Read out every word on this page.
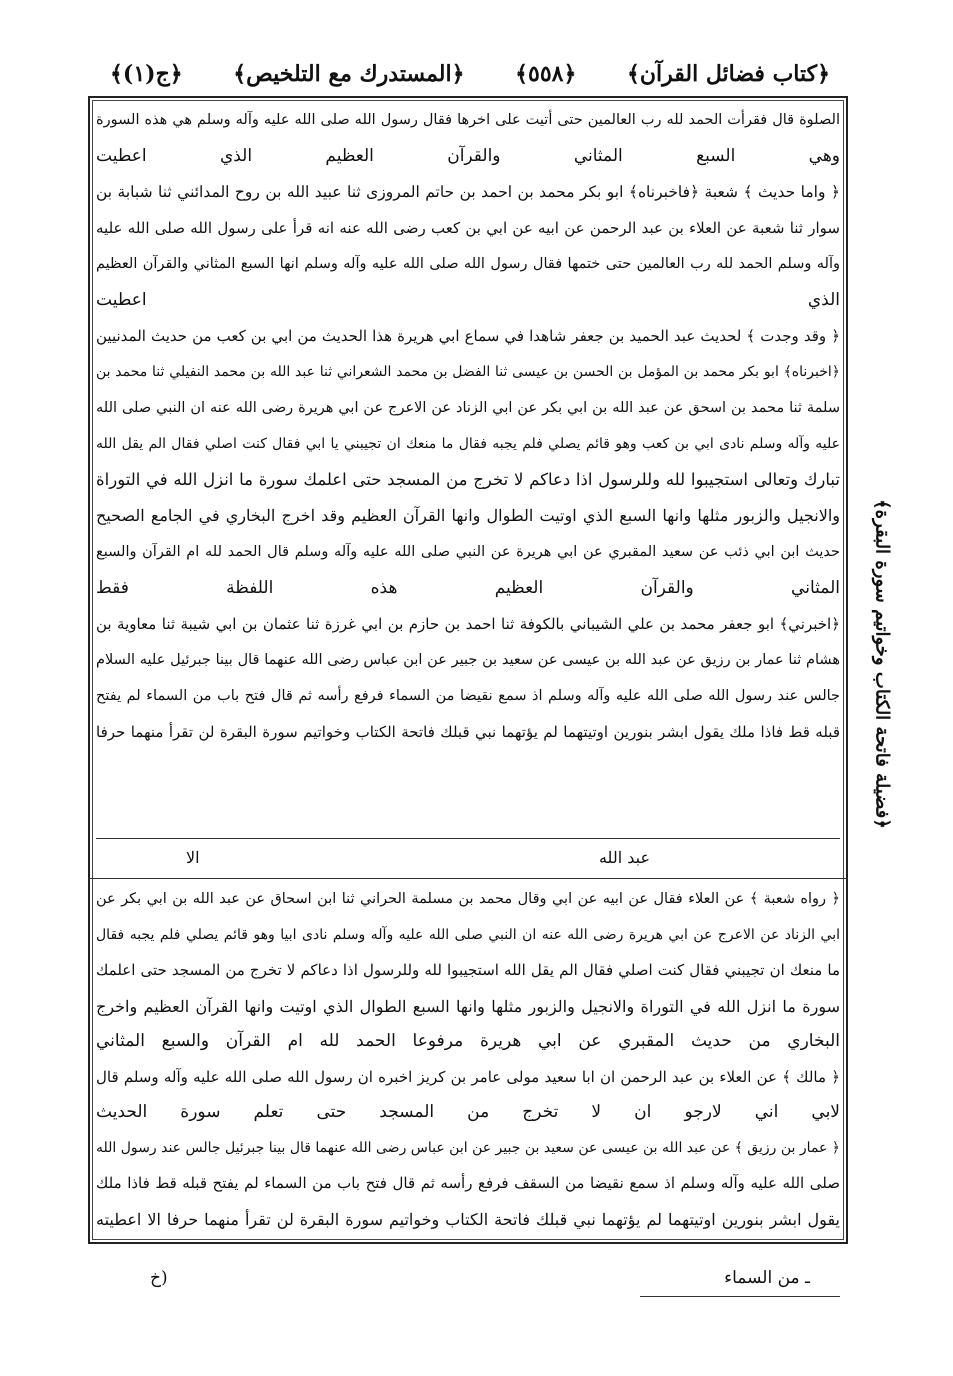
﴿ج(١)﴾ ﴿المستدرك مع التلخيص﴾ ﴿٥٥٨﴾ ﴿كتاب فضائل القرآن﴾
الصلوة قال فقرأت الحمد لله رب العالمين حتى أتيت على اخرها فقال رسول الله صلى الله عليه وآله وسلم هي هذه السورة
وهي السبع المثاني والقرآن العظيم الذي اعطيت
﴿ واما حديث ﴾ شعبة ﴿فاخبرناه﴾ ابو بكر محمد بن احمد بن حاتم المروزى ثنا عبيد الله بن روح المدائني ثنا شبابة بن
سوار ثنا شعبة عن العلاء بن عبد الرحمن عن ابيه عن ابي بن كعب رضى الله عنه انه قرأ على رسول الله صلى الله عليه
وآله وسلم الحمد لله رب العالمين حتى ختمها فقال رسول الله صلى الله عليه وآله وسلم انها السبع المثاني والقرآن العظيم
الذي اعطيت
﴿ وقد وجدت ﴾ لحديث عبد الحميد بن جعفر شاهدا في سماع ابي هريرة هذا الحديث من ابي بن كعب من حديث المدنيين
﴿اخبرناه﴾ ابو بكر محمد بن المؤمل بن الحسن بن عيسى ثنا الفضل بن محمد الشعراني ثنا عبد الله بن محمد النفيلي ثنا محمد بن
سلمة ثنا محمد بن اسحق عن عبد الله بن ابي بكر عن ابي الزناد عن الاعرج عن ابي هريرة رضى الله عنه ان النبي صلى الله
عليه وآله وسلم نادى ابي بن كعب وهو قائم يصلي فلم يجبه فقال ما منعك ان تجيبني يا ابي فقال كنت اصلي فقال الم يقل الله
تبارك وتعالى استجيبوا لله وللرسول اذا دعاكم لا تخرج من المسجد حتى اعلمك سورة ما انزل الله في التوراة
والانجيل والزبور مثلها وانها السبع الذي اوتيت الطوال وانها القرآن العظيم وقد اخرج البخاري في الجامع الصحيح
حديث ابن ابي ذئب عن سعيد المقبري عن ابي هريرة عن النبي صلى الله عليه وآله وسلم قال الحمد لله ام القرآن والسبع
المثاني والقرآن العظيم هذه اللفظة فقط
﴿اخبرني﴾ ابو جعفر محمد بن علي الشيباني بالكوفة ثنا احمد بن حازم بن ابي غرزة ثنا عثمان بن ابي شيبة ثنا معاوية بن
هشام ثنا عمار بن رزيق عن عبد الله بن عيسى عن سعيد بن جبير عن ابن عباس رضى الله عنهما قال بينا جبرئيل عليه السلام
جالس عند رسول الله صلى الله عليه وآله وسلم اذ سمع نقيضا من السماء فرفع رأسه ثم قال فتح باب من السماء لم يفتح
قبله قط فاذا ملك يقول ابشر بنورين اوتيتهما لم يؤتهما نبي قبلك فاتحة الكتاب وخواتيم سورة البقرة لن تقرأ منهما حرفا
عبد الله
الا
﴿ رواه شعبة ﴾ عن العلاء فقال عن ابيه عن ابي وقال محمد بن مسلمة الحراني ثنا ابن اسحاق عن عبد الله بن ابي بكر عن
ابي الزناد عن الاعرج عن ابي هريرة رضى الله عنه ان النبي صلى الله عليه وآله وسلم نادى ابيا وهو قائم يصلي فلم يجبه فقال
ما منعك ان تجيبني فقال كنت اصلي فقال الم يقل الله استجيبوا لله وللرسول اذا دعاكم لا تخرج من المسجد حتى اعلمك
سورة ما انزل الله في التوراة والانجيل والزبور مثلها وانها السبع الطوال الذي اوتيت وانها القرآن العظيم واخرج
البخاري من حديث المقبري عن ابي هريرة مرفوعا الحمد لله ام القرآن والسبع المثاني
﴿ مالك ﴾ عن العلاء بن عبد الرحمن ان ابا سعيد مولى عامر بن كريز اخبره ان رسول الله صلى الله عليه وآله وسلم قال
لابي اني لارجو ان لا تخرج من المسجد حتى تعلم سورة الحديث
﴿ عمار بن رزيق ﴾ عن عبد الله بن عيسى عن سعيد بن جبير عن ابن عباس رضى الله عنهما قال بينا جبرئيل جالس عند رسول الله
صلى الله عليه وآله وسلم اذ سمع نقيضا من السقف فرفع رأسه ثم قال فتح باب من السماء لم يفتح قبله قط فاذا ملك
يقول ابشر بنورين اوتيتهما لم يؤتهما نبي قبلك فاتحة الكتاب وخواتيم سورة البقرة لن تقرأ منهما حرفا الا اعطيته
﴿فضيلة فاتحة الكتاب وخواتيم سورة البقرة﴾
ـ من السماء
(خ
